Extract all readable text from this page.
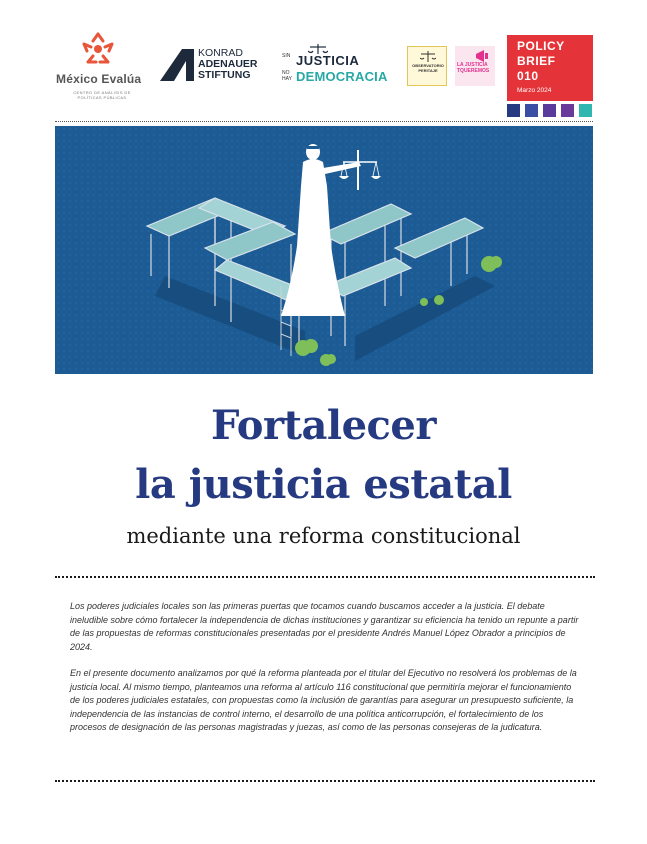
México Evalúa
CENTRO DE ANÁLISIS DE POLÍTICAS PÚBLICAS
KONRAD
ADENAUER
STIFTUNG
SIN
NO
HAY
JUSTICIA
DEMOCRACIA
OBSERVATORIO PERITAJE
LA JUSTICIA TQUEREMOS
POLICY
BRIEF
010
Marzo 2024
Fortalecer
la justicia estatal
mediante una reforma constitucional

Los poderes judiciales locales son las primeras puertas que tocamos cuando buscamos acceder a la justicia. El debate ineludible sobre cómo fortalecer la independencia de dichas instituciones y garantizar su eficiencia ha tenido un repunte a partir de las propuestas de reformas constitucionales presentadas por el presidente Andrés Manuel López Obrador a principios de 2024.

En el presente documento analizamos por qué la reforma planteada por el titular del Ejecutivo no resolverá los problemas de la justicia local. Al mismo tiempo, planteamos una reforma al artículo 116 constitucional que permitiría mejorar el funcionamiento de los poderes judiciales estatales, con propuestas como la inclusión de garantías para asegurar un presupuesto suficiente, la independencia de las instancias de control interno, el desarrollo de una política anticorrupción, el fortalecimiento de los procesos de designación de las personas magistradas y juezas, así como de las personas consejeras de la judicatura.
